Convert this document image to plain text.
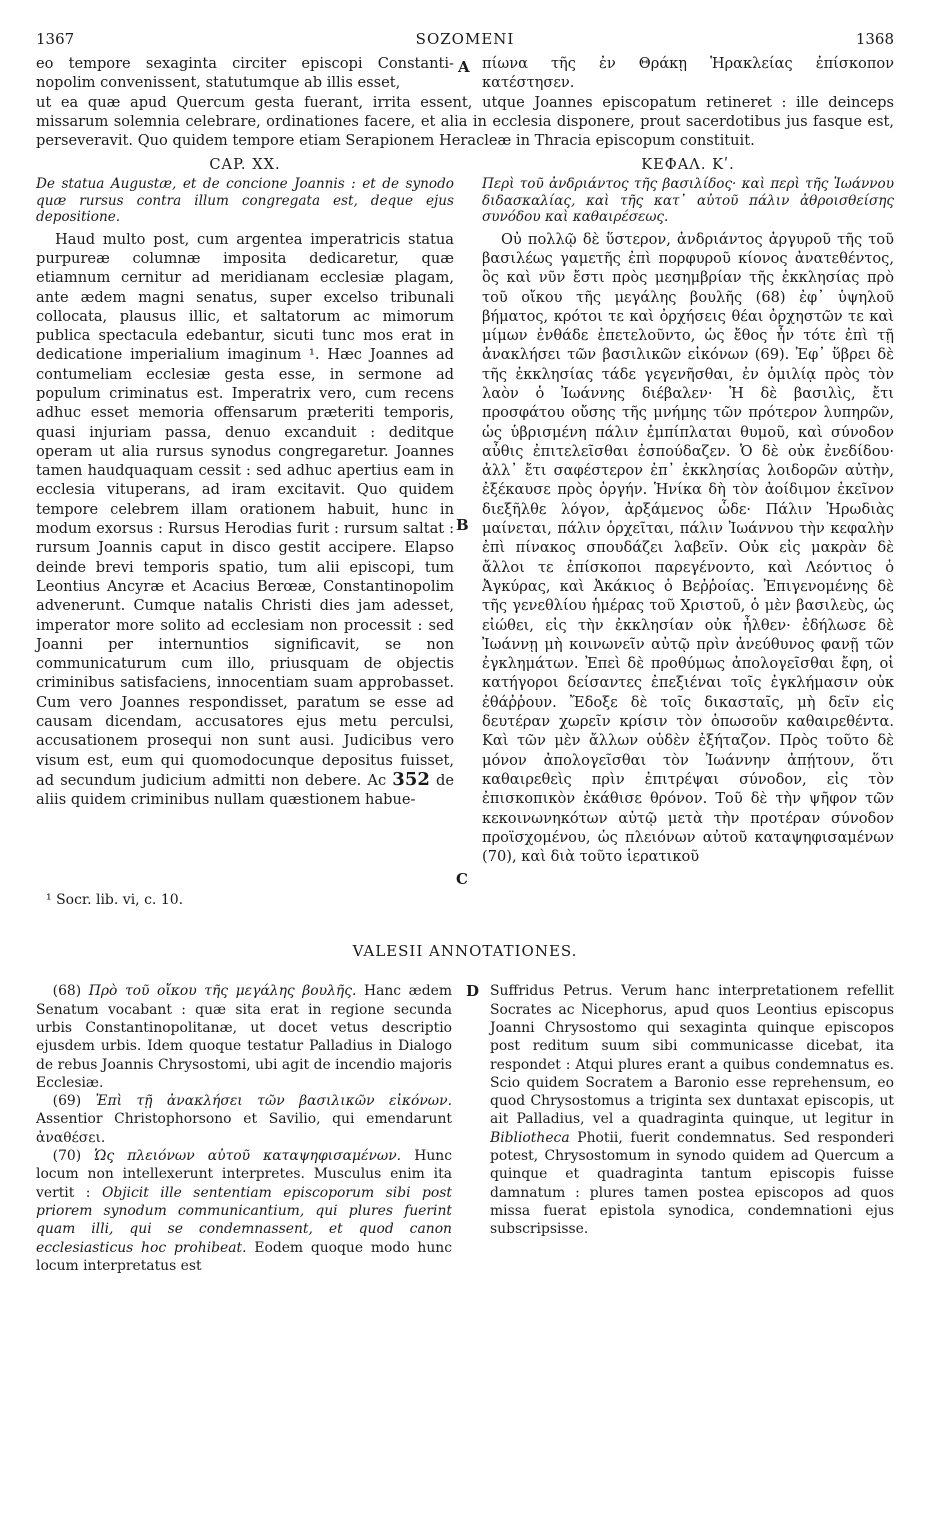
1367	SOZOMENI	1368
eo tempore sexaginta circiter episcopi Constanti-nopolim convenissent, statutumque ab illis esset,
A πίωνα τῆς ἐν Θράκῃ Ἡρακλείας ἐπίσκοπον κατέστησεν.
ut ea quæ apud Quercum gesta fuerant, irrita essent, utque Joannes episcopatum retineret : ille deinceps missarum solemnia celebrare, ordinationes facere, et alia in ecclesia disponere, prout sacerdotibus jus fasque est, perseveravit. Quo quidem tempore etiam Serapionem Heracleæ in Thracia episcopum constituit.
CAP. XX.
De statua Augustæ, et de concione Joannis : et de synodo quæ rursus contra illum congregata est, deque ejus depositione.

Haud multo post, cum argentea imperatricis statua purpureæ columnæ imposita dedicaretur, quæ etiamnum cernitur ad meridianam ecclesiæ plagam, ante ædem magni senatus, super excelso tribunali collocata, plausus illic, et saltatorum ac mimorum publica spectacula edebantur, sicuti tunc mos erat in dedicatione imperialium imaginum ¹. Hæc Joannes ad contumeliam ecclesiæ gesta esse, in sermone ad populum criminatus est. Imperatrix vero, cum recens adhuc esset memoria offensarum præteriti temporis, quasi injuriam passa, denuo excanduit : deditque operam ut alia rursus synodus congregaretur. Joannes tamen haudquaquam cessit : sed adhuc apertius eam in ecclesia vituperans, ad iram excitavit. Quo quidem tempore celebrem illam orationem habuit, hunc in modum exorsus : Rursus Herodias furit : rursum saltat : rursum Joannis caput in disco gestit accipere. Elapso deinde brevi temporis spatio, tum alii episcopi, tum Leontius Ancyræ et Acacius Berœæ, Constantinopolim advenerunt. Cumque natalis Christi dies jam adesset, imperator more solito ad ecclesiam non processit : sed Joanni per internuntios significavit, se non communicaturum cum illo, priusquam de objectis criminibus satisfaciens, innocentiam suam approbasset. Cum vero Joannes respondisset, paratum se esse ad causam dicendam, accusatores ejus metu perculsi, accusationem prosequi non sunt ausi. Judicibus vero visum est, eum qui quomodocunque depositus fuisset, ad secundum judicium admitti non debere. Ac 352 de aliis quidem criminibus nullam quæstionem habue-

B
C
ΚΕΦΑΛ. Κʹ.
Περὶ τοῦ ἀνδριάντος τῆς βασιλίδος· καὶ περὶ τῆς Ἰωάννου διδασκαλίας, καὶ τῆς κατ᾽ αὐτοῦ πάλιν ἀθροισθείσης συνόδου καὶ καθαιρέσεως.

Οὐ πολλῷ δὲ ὕστερον, ἀνδριάντος ἀργυροῦ τῆς τοῦ βασιλέως γαμετῆς ἐπὶ πορφυροῦ κίονος ἀνατεθέντος, ὃς καὶ νῦν ἔστι πρὸς μεσημβρίαν τῆς ἐκκλησίας πρὸ τοῦ οἴκου τῆς μεγάλης βουλῆς (68) ἐφ᾽ ὑψηλοῦ βήματος, κρότοι τε καὶ ὀρχήσεις θέαι ὀρχηστῶν τε καὶ μίμων ἐνθάδε ἐπετελοῦντο, ὡς ἔθος ἦν τότε ἐπὶ τῇ ἀνακλήσει τῶν βασιλικῶν εἰκόνων (69). Ἐφ᾽ ὕβρει δὲ τῆς ἐκκλησίας τάδε γεγενῆσθαι, ἐν ὁμιλίᾳ πρὸς τὸν λαὸν ὁ Ἰωάννης διέβαλεν· Ἡ δὲ βασιλὶς, ἔτι προσφάτου οὔσης τῆς μνήμης τῶν πρότερον λυπηρῶν, ὡς ὑβρισμένη πάλιν ἐμπίπλαται θυμοῦ, καὶ σύνοδον αὖθις ἐπιτελεῖσθαι ἐσπούδαζεν. Ὁ δὲ οὐκ ἐνεδίδου· ἀλλ᾽ ἔτι σαφέστερον ἐπ᾽ ἐκκλησίας λοιδορῶν αὐτὴν, ἐξέκαυσε πρὸς ὀργήν. Ἡνίκα δὴ τὸν ἀοίδιμον ἐκεῖνον διεξῆλθε λόγον, ἀρξάμενος ὧδε· Πάλιν Ἡρωδιὰς μαίνεται, πάλιν ὀρχεῖται, πάλιν Ἰωάννου τὴν κεφαλὴν ἐπὶ πίνακος σπουδάζει λαβεῖν. Οὐκ εἰς μακρὰν δὲ ἄλλοι τε ἐπίσκοποι παρεγένοντο, καὶ Λεόντιος ὁ Ἀγκύρας, καὶ Ἀκάκιος ὁ Βεῤῥοίας. Ἐπιγενομένης δὲ τῆς γενεθλίου ἡμέρας τοῦ Χριστοῦ, ὁ μὲν βασιλεὺς, ὡς εἰώθει, εἰς τὴν ἐκκλησίαν οὐκ ἦλθεν· ἐδήλωσε δὲ Ἰωάννῃ μὴ κοινωνεῖν αὐτῷ πρὶν ἀνεύθυνος φανῇ τῶν ἐγκλημάτων. Ἐπεὶ δὲ προθύμως ἀπολογεῖσθαι ἔφη, οἱ κατήγοροι δείσαντες ἐπεξιέναι τοῖς ἐγκλήμασιν οὐκ ἐθάῤῥουν. Ἔδοξε δὲ τοῖς δικασταῖς, μὴ δεῖν εἰς δευτέραν χωρεῖν κρίσιν τὸν ὁπωσοῦν καθαιρεθέντα. Καὶ τῶν μὲν ἄλλων οὐδὲν ἐξήταζον. Πρὸς τοῦτο δὲ μόνον ἀπολογεῖσθαι τὸν Ἰωάννην ἀπῄτουν, ὅτι καθαιρεθεὶς πρὶν ἐπιτρέψαι σύνοδον, εἰς τὸν ἐπισκοπικὸν ἐκάθισε θρόνον. Τοῦ δὲ τὴν ψῆφον τῶν κεκοινωνηκότων αὐτῷ μετὰ τὴν προτέραν σύνοδον προϊσχομένου, ὡς πλειόνων αὐτοῦ καταψηφισαμένων (70), καὶ διὰ τοῦτο ἱερατικοῦ

¹ Socr. lib. vi, c. 10.
VALESII ANNOTATIONES.

(68) Πρὸ τοῦ οἴκου τῆς μεγάλης βουλῆς. Hanc ædem Senatum vocabant : quæ sita erat in regione secunda urbis Constantinopolitanæ, ut docet vetus descriptio ejusdem urbis. Idem quoque testatur Palladius in Dialogo de rebus Joannis Chrysostomi, ubi agit de incendio majoris Ecclesiæ.

(69) Ἐπὶ τῇ ἀνακλήσει τῶν βασιλικῶν εἰκόνων. Assentior Christophorsono et Savilio, qui emendarunt ἀναθέσει.

(70) Ὡς πλειόνων αὐτοῦ καταψηφισαμένων. Hunc locum non intellexerunt interpretes. Musculus enim ita vertit : Objicit ille sententiam episcoporum sibi post priorem synodum communicantium, qui plures fuerint quam illi, qui se condemnassent, et quod canon ecclesiasticus hoc prohibeat. Eodem quoque modo hunc locum interpretatus est

D Suffridus Petrus. Verum hanc interpretationem refellit Socrates ac Nicephorus, apud quos Leontius episcopus Joanni Chrysostomo qui sexaginta quinque episcopos post reditum suum sibi communicasse dicebat, ita respondet : Atqui plures erant a quibus condemnatus es. Scio quidem Socratem a Baronio esse reprehensum, eo quod Chrysostomus a triginta sex duntaxat episcopis, ut ait Palladius, vel a quadraginta quinque, ut legitur in Bibliotheca Photii, fuerit condemnatus. Sed responderi potest, Chrysostomum in synodo quidem ad Quercum a quinque et quadraginta tantum episcopis fuisse damnatum : plures tamen postea episcopos ad quos missa fuerat epistola synodica, condemnationi ejus subscripsisse.
